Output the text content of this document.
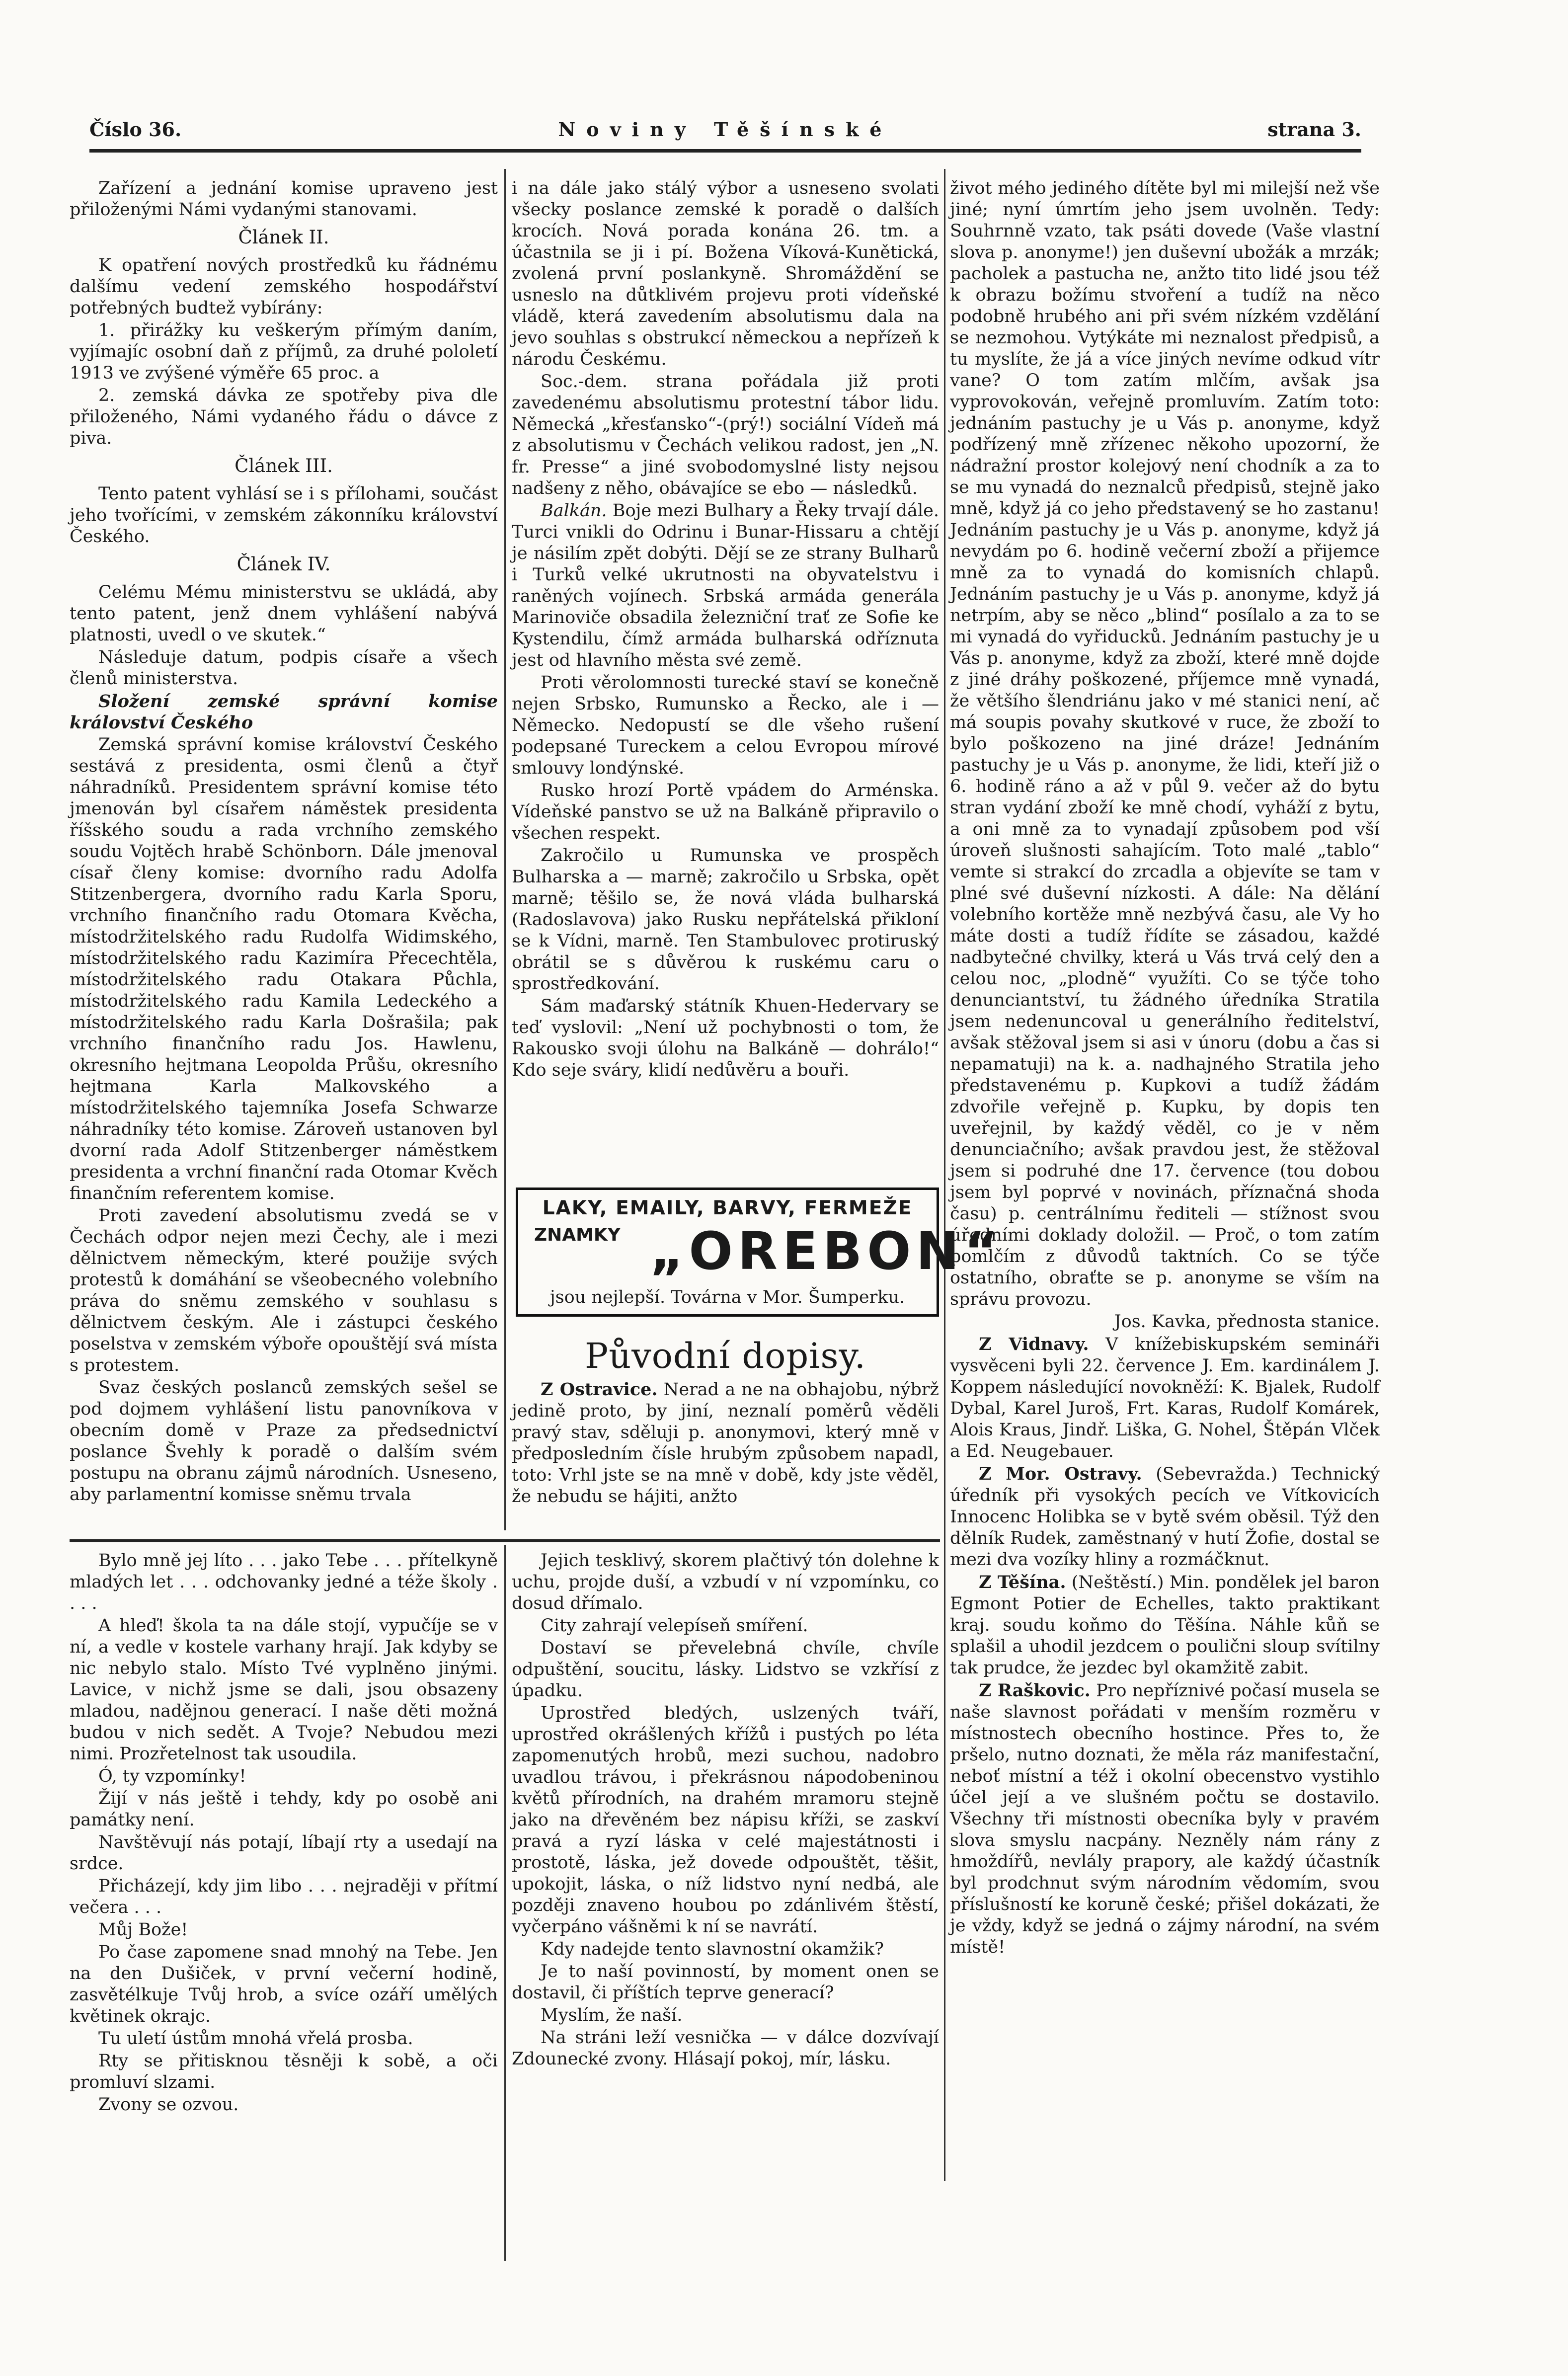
Číslo 36.	Noviny Těšínské	strana 3.

Zařízení a jednání komise upraveno jest přiloženými Námi vydanými stanovami.

Článek II.

K opatření nových prostředků ku řádnému dalšímu vedení zemského hospodářství potřebných budtež vybírány:

1. přirážky ku veškerým přímým daním, vyjímajíc osobní daň z příjmů, za druhé pololetí 1913 ve zvýšené výměře 65 proc. a

2. zemská dávka ze spotřeby piva dle přiloženého, Námi vydaného řádu o dávce z piva.

Článek III.

Tento patent vyhlásí se i s přílohami, součást jeho tvořícími, v zemském zákonníku království Českého.

Článek IV.

Celému Mému ministerstvu se ukládá, aby tento patent, jenž dnem vyhlášení nabývá platnosti, uvedl o ve skutek.“

Následuje datum, podpis císaře a všech členů ministerstva.

Složení zemské správní komise království Českého

Zemská správní komise království Českého sestává z presidenta, osmi členů a čtyř náhradníků. Presidentem správní komise této jmenován byl císařem náměstek presidenta říšského soudu a rada vrchního zemského soudu Vojtěch hrabě Schönborn. Dále jmenoval císař členy komise: dvorního radu Adolfa Stitzenbergera, dvorního radu Karla Sporu, vrchního finančního radu Otomara Kvěcha, místodržitelského radu Rudolfa Widimského, místodržitelského radu Kazimíra Přecechtěla, místodržitelského radu Otakara Půchla, místodržitelského radu Kamila Ledeckého a místodržitelského radu Karla Došrašila; pak vrchního finančního radu Jos. Hawlenu, okresního hejtmana Leopolda Průšu, okresního hejtmana Karla Malkovského a místodržitelského tajemníka Josefa Schwarze náhradníky této komise. Zároveň ustanoven byl dvorní rada Adolf Stitzenberger náměstkem presidenta a vrchní finanční rada Otomar Kvěch finančním referentem komise.

Proti zavedení absolutismu zvedá se v Čechách odpor nejen mezi Čechy, ale i mezi dělnictvem německým, které použije svých protestů k domáhání se všeobecného volebního práva do sněmu zemského v souhlasu s dělnictvem českým. Ale i zástupci českého poselstva v zemském výboře opouštějí svá místa s protestem.

Svaz českých poslanců zemských sešel se pod dojmem vyhlášení listu panovníkova v obecním domě v Praze za předsednictví poslance Švehly k poradě o dalším svém postupu na obranu zájmů národních. Usneseno, aby parlamentní komisse sněmu trvala

i na dále jako stálý výbor a usneseno svolati všecky poslance zemské k poradě o dalších krocích. Nová porada konána 26. tm. a účastnila se ji i pí. Božena Víková-Kunětická, zvolená první poslankyně. Shromáždění se usneslo na důtklivém projevu proti vídeňské vládě, která zavedením absolutismu dala na jevo souhlas s obstrukcí německou a nepřízeň k národu Českému.

Soc.-dem. strana pořádala již proti zavedenému absolutismu protestní tábor lidu. Německá „křesťansko“-(prý!) sociální Vídeň má z absolutismu v Čechách velikou radost, jen „N. fr. Presse“ a jiné svobodomyslné listy nejsou nadšeny z něho, obávajíce se ebo — následků.

Balkán. Boje mezi Bulhary a Řeky trvají dále. Turci vnikli do Odrinu i Bunar-Hissaru a chtějí je násilím zpět dobýti. Dějí se ze strany Bulharů i Turků velké ukrutnosti na obyvatelstvu i raněných vojínech. Srbská armáda generála Marinoviče obsadila železniční trať ze Sofie ke Kystendilu, čímž armáda bulharská odříznuta jest od hlavního města své země.

Proti věrolomnosti turecké staví se konečně nejen Srbsko, Rumunsko a Řecko, ale i — Německo. Nedopustí se dle všeho rušení podepsané Tureckem a celou Evropou mírové smlouvy londýnské.

Rusko hrozí Portě vpádem do Arménska. Vídeňské panstvo se už na Balkáně připravilo o všechen respekt.

Zakročilo u Rumunska ve prospěch Bulharska a — marně; zakročilo u Srbska, opět marně; těšilo se, že nová vláda bulharská (Radoslavova) jako Rusku nepřátelská přikloní se k Vídni, marně. Ten Stambulovec protiruský obrátil se s důvěrou k ruskému caru o sprostředkování.

Sám maďarský státník Khuen-Hedervary se teď vyslovil: „Není už pochybnosti o tom, že Rakousko svoji úlohu na Balkáně — dohrálo!“ Kdo seje sváry, klidí nedůvěru a bouři.

LAKY, EMAILY, BARVY, FERMEŽE
ZNAMKY „OREBON“
jsou nejlepší. Továrna v Mor. Šumperku.
Původní dopisy.

Z Ostravice. Nerad a ne na obhajobu, nýbrž jedině proto, by jiní, neznalí poměrů věděli pravý stav, sděluji p. anonymovi, který mně v předposledním čísle hrubým způsobem napadl, toto: Vrhl jste se na mně v době, kdy jste věděl, že nebudu se hájiti, anžto

život mého jediného dítěte byl mi milejší než vše jiné; nyní úmrtím jeho jsem uvolněn. Tedy: Souhrnně vzato, tak psáti dovede (Vaše vlastní slova p. anonyme!) jen duševní ubožák a mrzák; pacholek a pastucha ne, anžto tito lidé jsou též k obrazu božímu stvoření a tudíž na něco podobně hrubého ani při svém nízkém vzdělání se nezmohou. Vytýkáte mi neznalost předpisů, a tu myslíte, že já a více jiných nevíme odkud vítr vane? O tom zatím mlčím, avšak jsa vyprovokován, veřejně promluvím. Zatím toto: jednáním pastuchy je u Vás p. anonyme, když podřízený mně zřízenec někoho upozorní, že nádražní prostor kolejový není chodník a za to se mu vynadá do neznalců předpisů, stejně jako mně, když já co jeho představený se ho zastanu! Jednáním pastuchy je u Vás p. anonyme, když já nevydám po 6. hodině večerní zboží a přijemce mně za to vynadá do komisních chlapů. Jednáním pastuchy je u Vás p. anonyme, když já netrpím, aby se něco „blind“ posílalo a za to se mi vynadá do vyřiducků. Jednáním pastuchy je u Vás p. anonyme, když za zboží, které mně dojde z jiné dráhy poškozené, příjemce mně vynadá, že většího šlendriánu jako v mé stanici není, ač má soupis povahy skutkové v ruce, že zboží to bylo poškozeno na jiné dráze! Jednáním pastuchy je u Vás p. anonyme, že lidi, kteří již o 6. hodině ráno a až v půl 9. večer až do bytu stran vydání zboží ke mně chodí, vyháží z bytu, a oni mně za to vynadají způsobem pod vší úroveň slušnosti sahajícím. Toto malé „tablo“ vemte si strakcí do zrcadla a objevíte se tam v plné své duševní nízkosti. A dále: Na dělání volebního kortěže mně nezbývá času, ale Vy ho máte dosti a tudíž řídíte se zásadou, každé nadbytečné chvilky, která u Vás trvá celý den a celou noc, „plodně“ využíti. Co se týče toho denunciantství, tu žádného úředníka Stratila jsem nedenuncoval u generálního ředitelství, avšak stěžoval jsem si asi v únoru (dobu a čas si nepamatuji) na k. a. nadhajného Stratila jeho představenému p. Kupkovi a tudíž žádám zdvořile veřejně p. Kupku, by dopis ten uveřejnil, by každý věděl, co je v něm denunciačního; avšak pravdou jest, že stěžoval jsem si podruhé dne 17. července (tou dobou jsem byl poprvé v novinách, příznačná shoda času) p. centrálnímu řediteli — stížnost svou úředními doklady doložil. — Proč, o tom zatím pomlčím z důvodů taktních. Co se týče ostatního, obraťte se p. anonyme se vším na správu provozu.

Jos. Kavka, přednosta stanice.

Z Vidnavy. V knížebiskupském semináři vysvěceni byli 22. července J. Em. kardinálem J. Koppem následující novokněží: K. Bjalek, Rudolf Dybal, Karel Juroš, Frt. Karas, Rudolf Komárek, Alois Kraus, Jindř. Liška, G. Nohel, Štěpán Vlček a Ed. Neugebauer.

Z Mor. Ostravy. (Sebevražda.) Technický úředník při vysokých pecích ve Vítkovicích Innocenc Holibka se v bytě svém oběsil. Týž den dělník Rudek, zaměstnaný v hutí Žofie, dostal se mezi dva vozíky hliny a rozmáčknut.

Z Těšína. (Neštěstí.) Min. pondělek jel baron Egmont Potier de Echelles, takto praktikant kraj. soudu koňmo do Těšína. Náhle kůň se splašil a uhodil jezdcem o poulični sloup svítilny tak prudce, že jezdec byl okamžitě zabit.

Z Raškovic. Pro nepříznivé počasí musela se naše slavnost pořádati v menším rozměru v místnostech obecního hostince. Přes to, že pršelo, nutno doznati, že měla ráz manifestační, neboť místní a též i okolní obecenstvo vystihlo účel její a ve slušném počtu se dostavilo. Všechny tři místnosti obecníka byly v pravém slova smyslu nacpány. Nezněly nám rány z hmoždířů, nevlály prapory, ale každý účastník byl prodchnut svým národním vědomím, svou příslušností ke koruně české; přišel dokázati, že je vždy, když se jedná o zájmy národní, na svém místě!

Bylo mně jej líto . . . jako Tebe . . . přítelkyně mladých let . . . odchovanky jedné a téže školy . . . .

A hleď! škola ta na dále stojí, vypučíje se v ní, a vedle v kostele varhany hrají. Jak kdyby se nic nebylo stalo. Místo Tvé vyplněno jinými. Lavice, v nichž jsme se dali, jsou obsazeny mladou, nadějnou generací. I naše děti možná budou v nich sedět. A Tvoje? Nebudou mezi nimi. Prozřetelnost tak usoudila.

Ó, ty vzpomínky!

Žijí v nás ještě i tehdy, kdy po osobě ani památky není.

Navštěvují nás potají, líbají rty a usedají na srdce.

Přicházejí, kdy jim libo . . . nejraději v přítmí večera . . .

Můj Bože!

Po čase zapomene snad mnohý na Tebe. Jen na den Dušiček, v první večerní hodině, zasvětélkuje Tvůj hrob, a svíce ozáří umělých květinek okrajc.

Tu uletí ústům mnohá vřelá prosba.

Rty se přitisknou těsněji k sobě, a oči promluví slzami.

Zvony se ozvou.

Jejich tesklivý, skorem plačtivý tón dolehne k uchu, projde duší, a vzbudí v ní vzpomínku, co dosud dřímalo.

City zahrají velepíseň smíření.

Dostaví se převelebná chvíle, chvíle odpuštění, soucitu, lásky. Lidstvo se vzkřísí z úpadku.

Uprostřed bledých, uslzených tváří, uprostřed okrášlených křížů i pustých po léta zapomenutých hrobů, mezi suchou, nadobro uvadlou trávou, i překrásnou nápodobeninou květů přírodních, na drahém mramoru stejně jako na dřevěném bez nápisu kříži, se zaskví pravá a ryzí láska v celé majestátnosti i prostotě, láska, jež dovede odpouštět, těšit, upokojit, láska, o níž lidstvo nyní nedbá, ale později znaveno houbou po zdánlivém štěstí, vyčerpáno vášněmi k ní se navrátí.

Kdy nadejde tento slavnostní okamžik?

Je to naší povinností, by moment onen se dostavil, či příštích teprve generací?

Myslím, že naší.

Na stráni leží vesnička — v dálce dozvívají Zdounecké zvony. Hlásají pokoj, mír, lásku.
